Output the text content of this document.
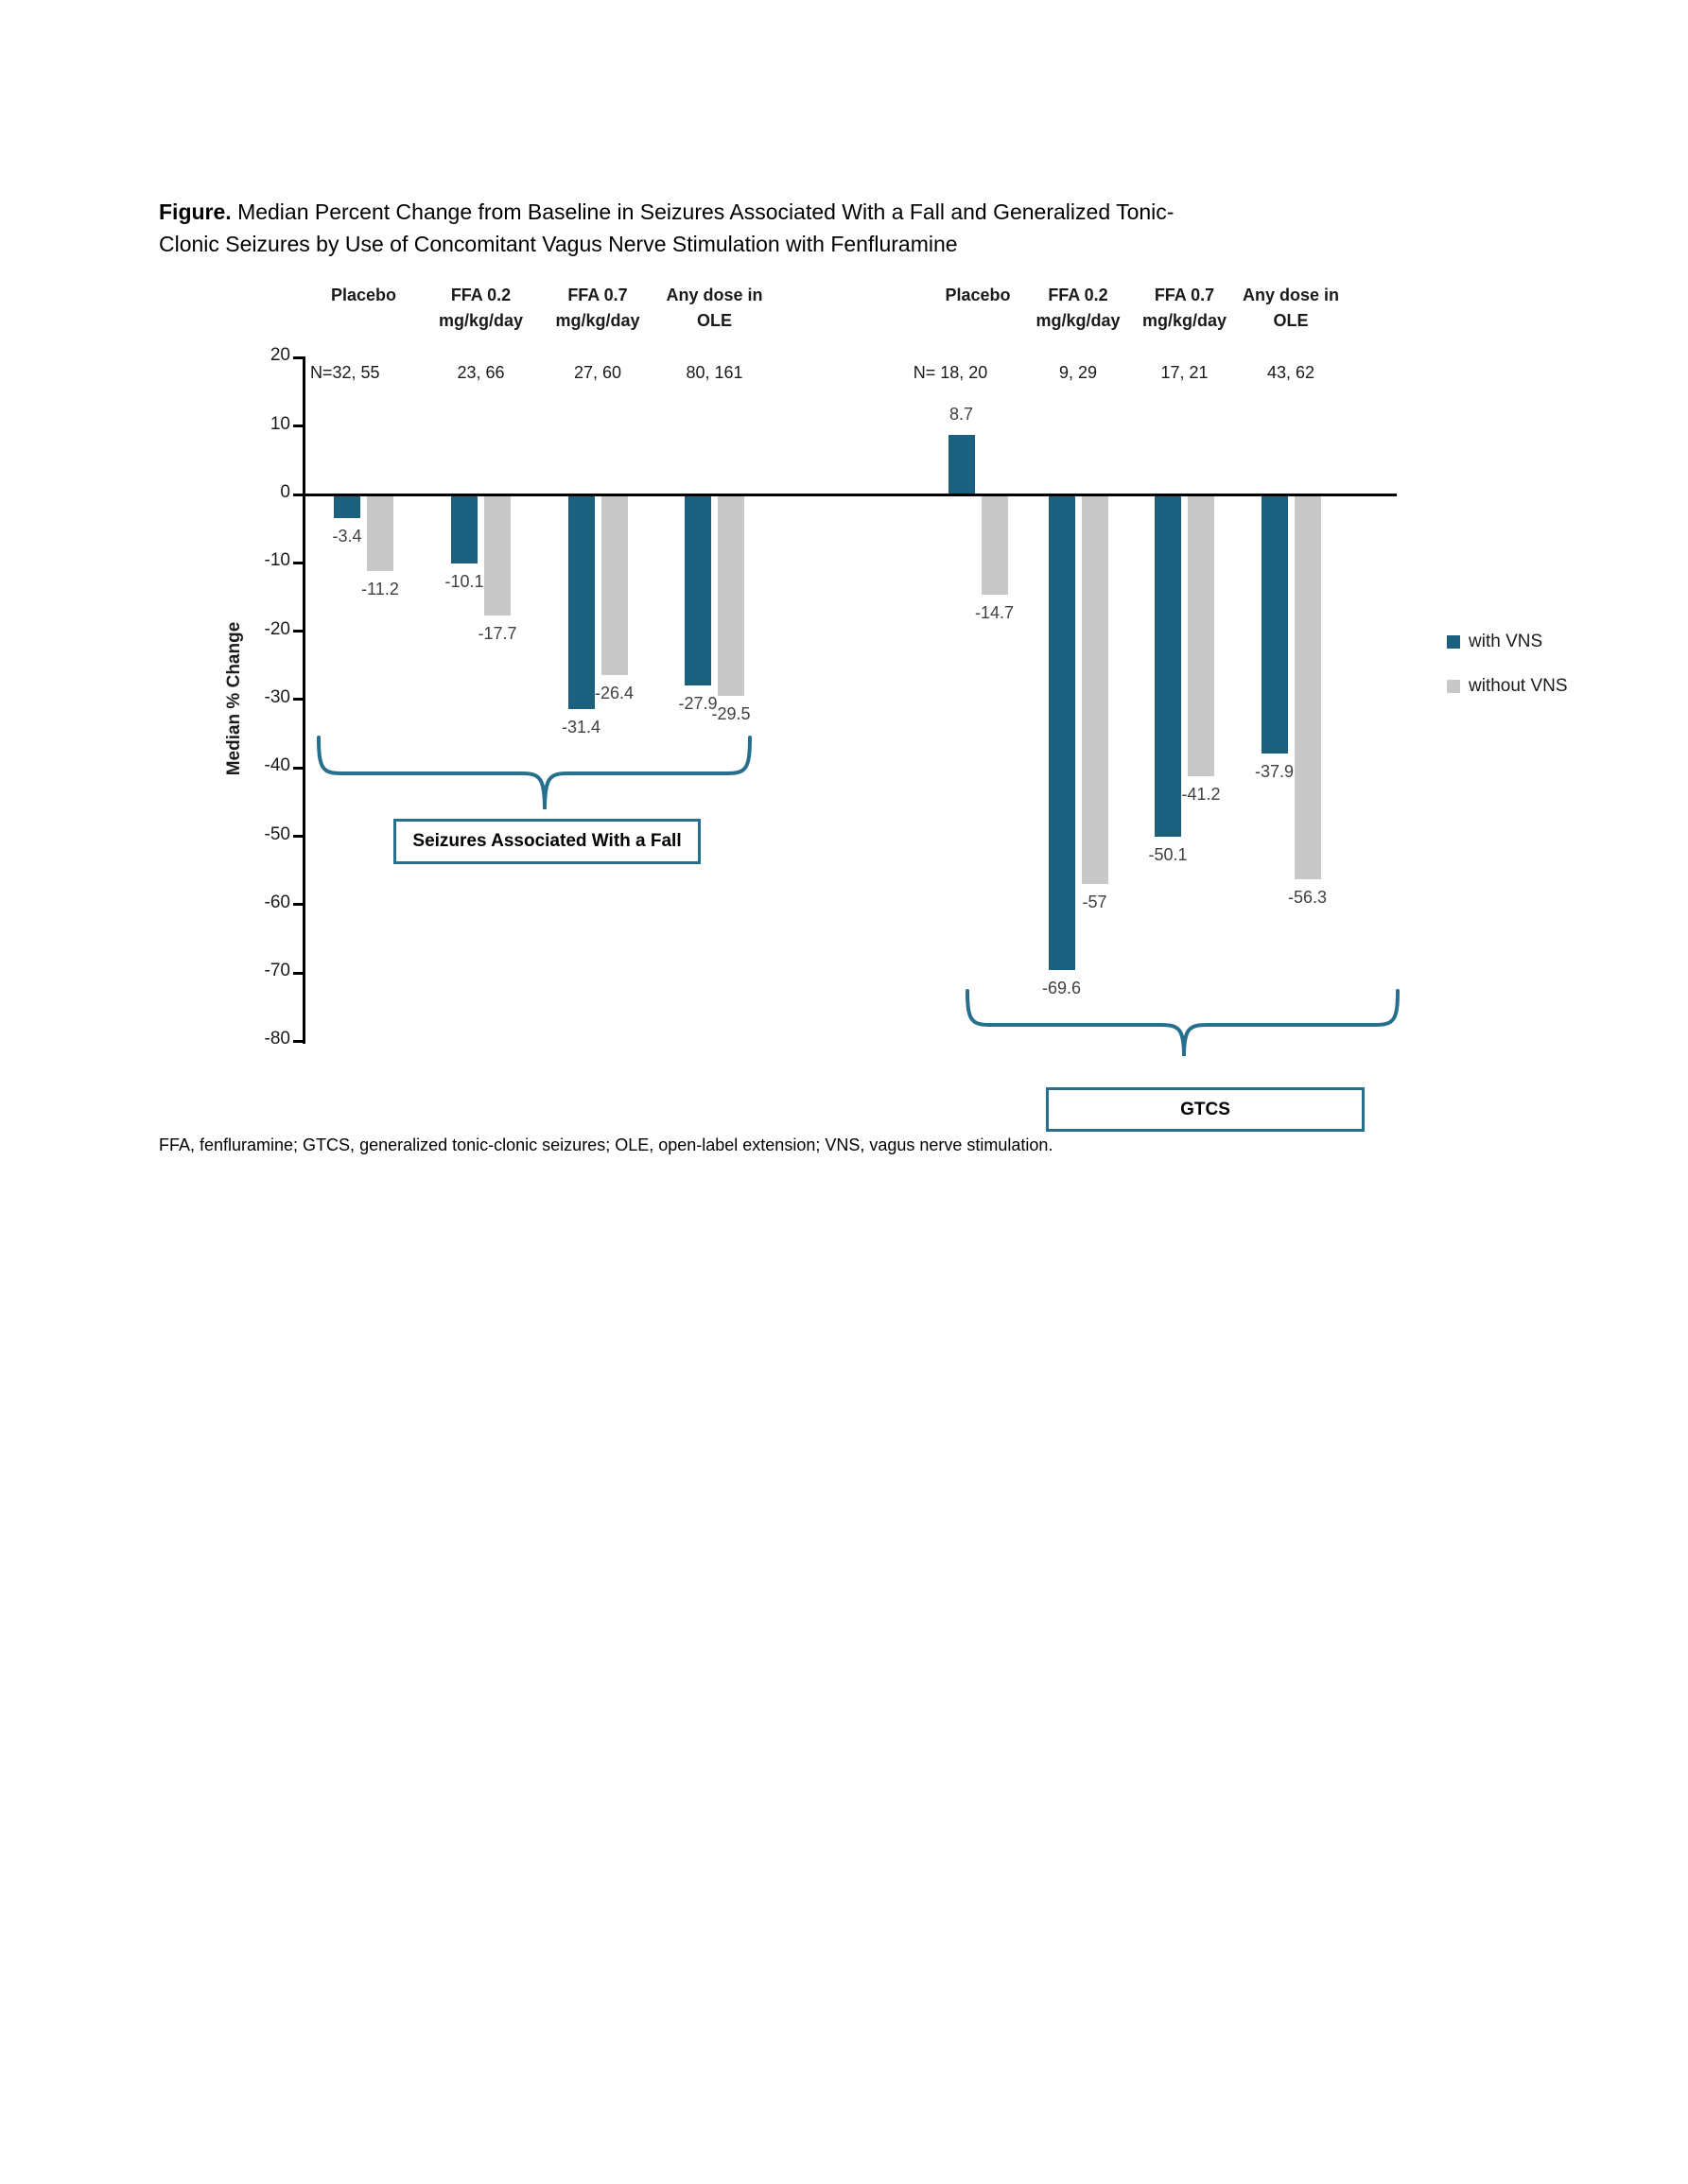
Figure. Median Percent Change from Baseline in Seizures Associated With a Fall and Generalized Tonic-
Clonic Seizures by Use of Concomitant Vagus Nerve Stimulation with Fenfluramine
Median % Change
20
10
0
-10
-20
-30
-40
-50
-60
-70
-80
Placebo
N=32, 55
-3.4
-11.2
FFA 0.2
mg/kg/day
23, 66
-10.1
-17.7
FFA 0.7
mg/kg/day
27, 60
-31.4
-26.4
Any dose in
OLE
80, 161
-27.9
-29.5
Placebo
N= 18, 20
8.7
-14.7
FFA 0.2
mg/kg/day
9, 29
-69.6
-57
FFA 0.7
mg/kg/day
17, 21
-50.1
-41.2
Any dose in
OLE
43, 62
-37.9
-56.3
Seizures Associated With a Fall
GTCS
with VNS
without VNS
FFA, fenfluramine; GTCS, generalized tonic-clonic seizures; OLE, open-label extension; VNS, vagus nerve stimulation.
